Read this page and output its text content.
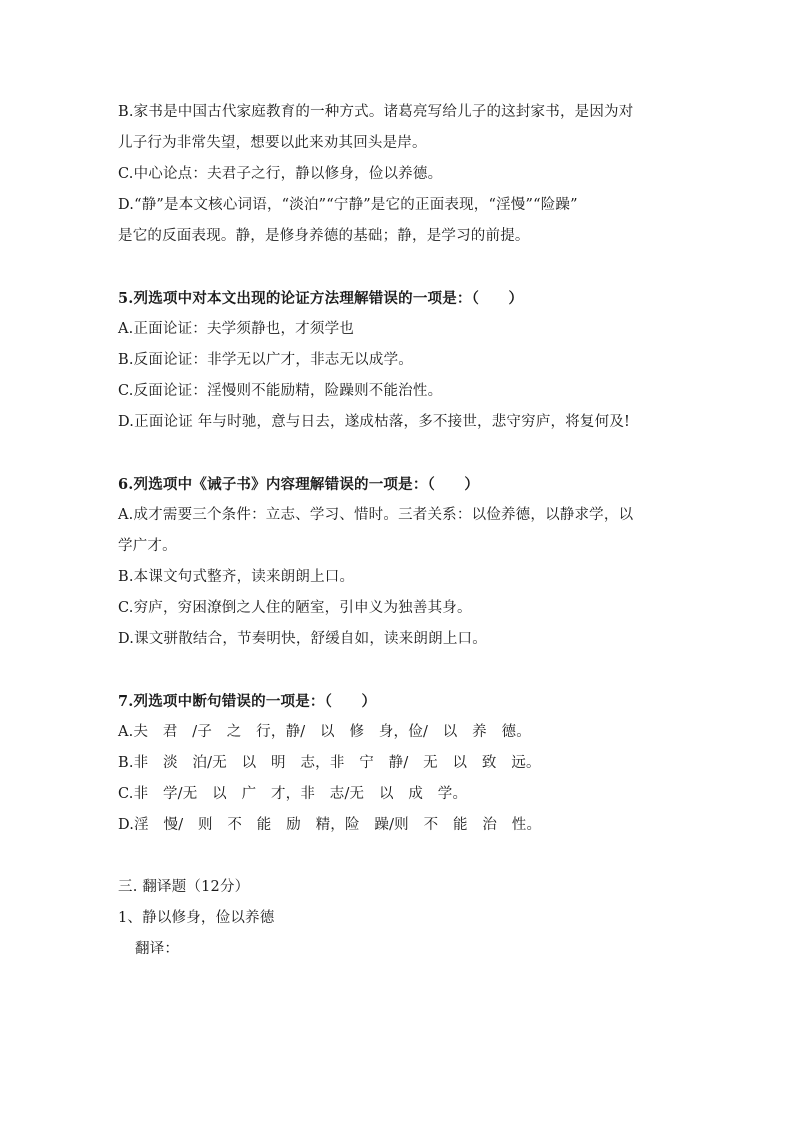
B.家书是中国古代家庭教育的一种方式。诸葛亮写给儿子的这封家书，是因为对
儿子行为非常失望，想要以此来劝其回头是岸。
C.中心论点：夫君子之行，静以修身，俭以养德。
D.“静”是本文核心词语，“淡泊”“宁静”是它的正面表现，“淫慢”“险躁”
是它的反面表现。静，是修身养德的基础；静，是学习的前提。
5.列选项中对本文出现的论证方法理解错误的一项是：（　　）
A.正面论证：夫学须静也，才须学也
B.反面论证：非学无以广才，非志无以成学。
C.反面论证：淫慢则不能励精，险躁则不能治性。
D.正面论证 年与时驰，意与日去，遂成枯落，多不接世，悲守穷庐，将复何及!
6.列选项中《诫子书》内容理解错误的一项是：（　　）
A.成才需要三个条件：立志、学习、惜时。三者关系：以俭养德，以静求学，以
学广才。
B.本课文句式整齐，读来朗朗上口。
C.穷庐，穷困潦倒之人住的陋室，引申义为独善其身。
D.课文骈散结合，节奏明快，舒缓自如，读来朗朗上口。
7.列选项中断句错误的一项是：（　　）
A.夫　君　/子　之　行，静/　以　修　身，俭/　以　养　德。
B.非　淡　泊/无　以　明　志，非　宁　静/　无　以　致　远。
C.非　学/无　以　广　才，非　志/无　以　成　学。
D.淫　慢/　则　不　能　励　精，险　躁/则　不　能　治　性。
三. 翻译题（12分）
1、静以修身，俭以养德
翻译：
